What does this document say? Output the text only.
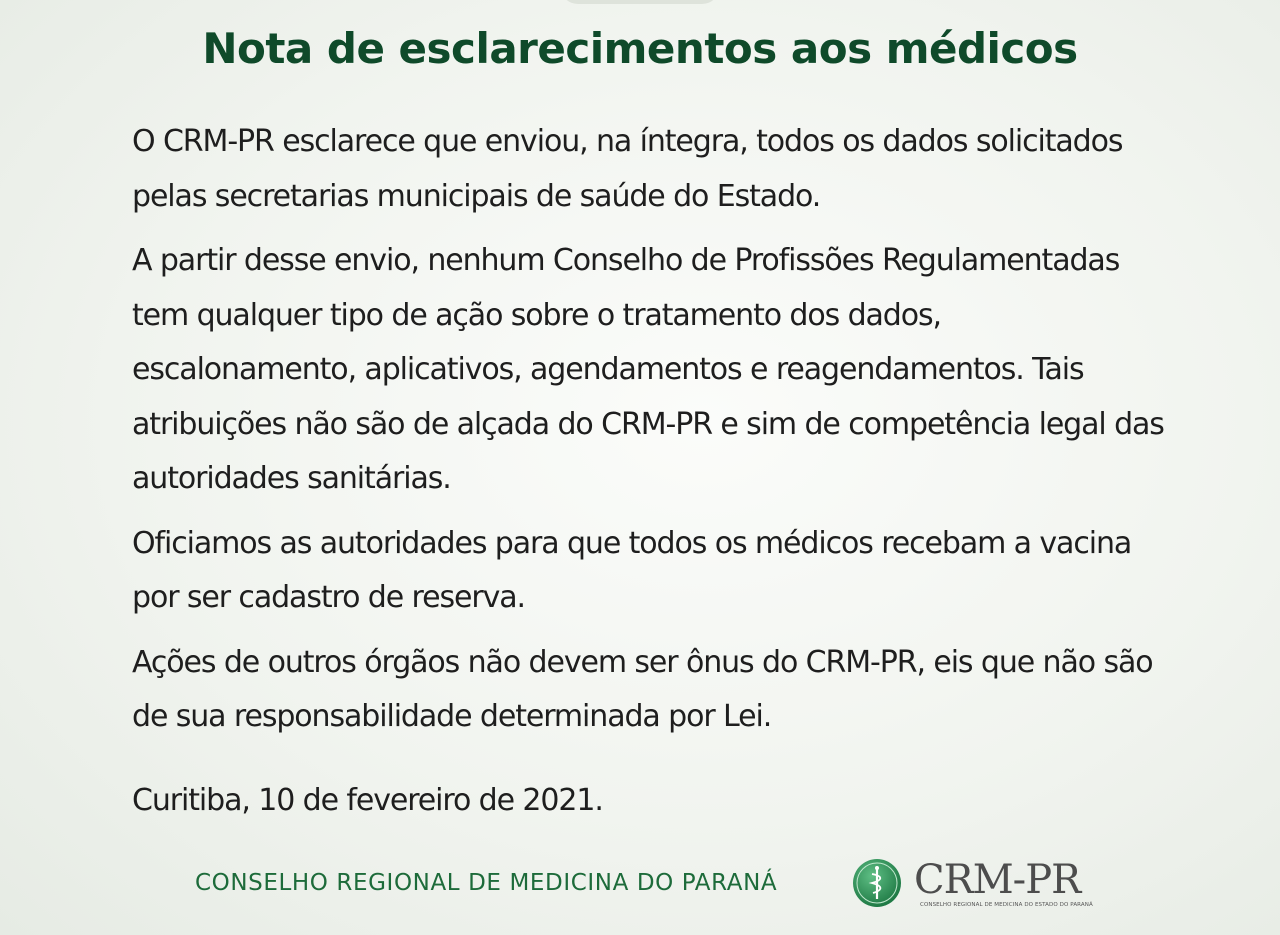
Nota de esclarecimentos aos médicos

O CRM-PR esclarece que enviou, na íntegra, todos os dados solicitados pelas secretarias municipais de saúde do Estado.

A partir desse envio, nenhum Conselho de Profissões Regulamentadas tem qualquer tipo de ação sobre o tratamento dos dados, escalonamento, aplicativos, agendamentos e reagendamentos. Tais atribuições não são de alçada do CRM-PR e sim de competência legal das autoridades sanitárias.

Oficiamos as autoridades para que todos os médicos recebam a vacina por ser cadastro de reserva.

Ações de outros órgãos não devem ser ônus do CRM-PR, eis que não são de sua responsabilidade determinada por Lei.

Curitiba, 10 de fevereiro de 2021.

CONSELHO REGIONAL DE MEDICINA DO PARANÁ	CRM-PR
CONSELHO REGIONAL DE MEDICINA DO ESTADO DO PARANÁ
